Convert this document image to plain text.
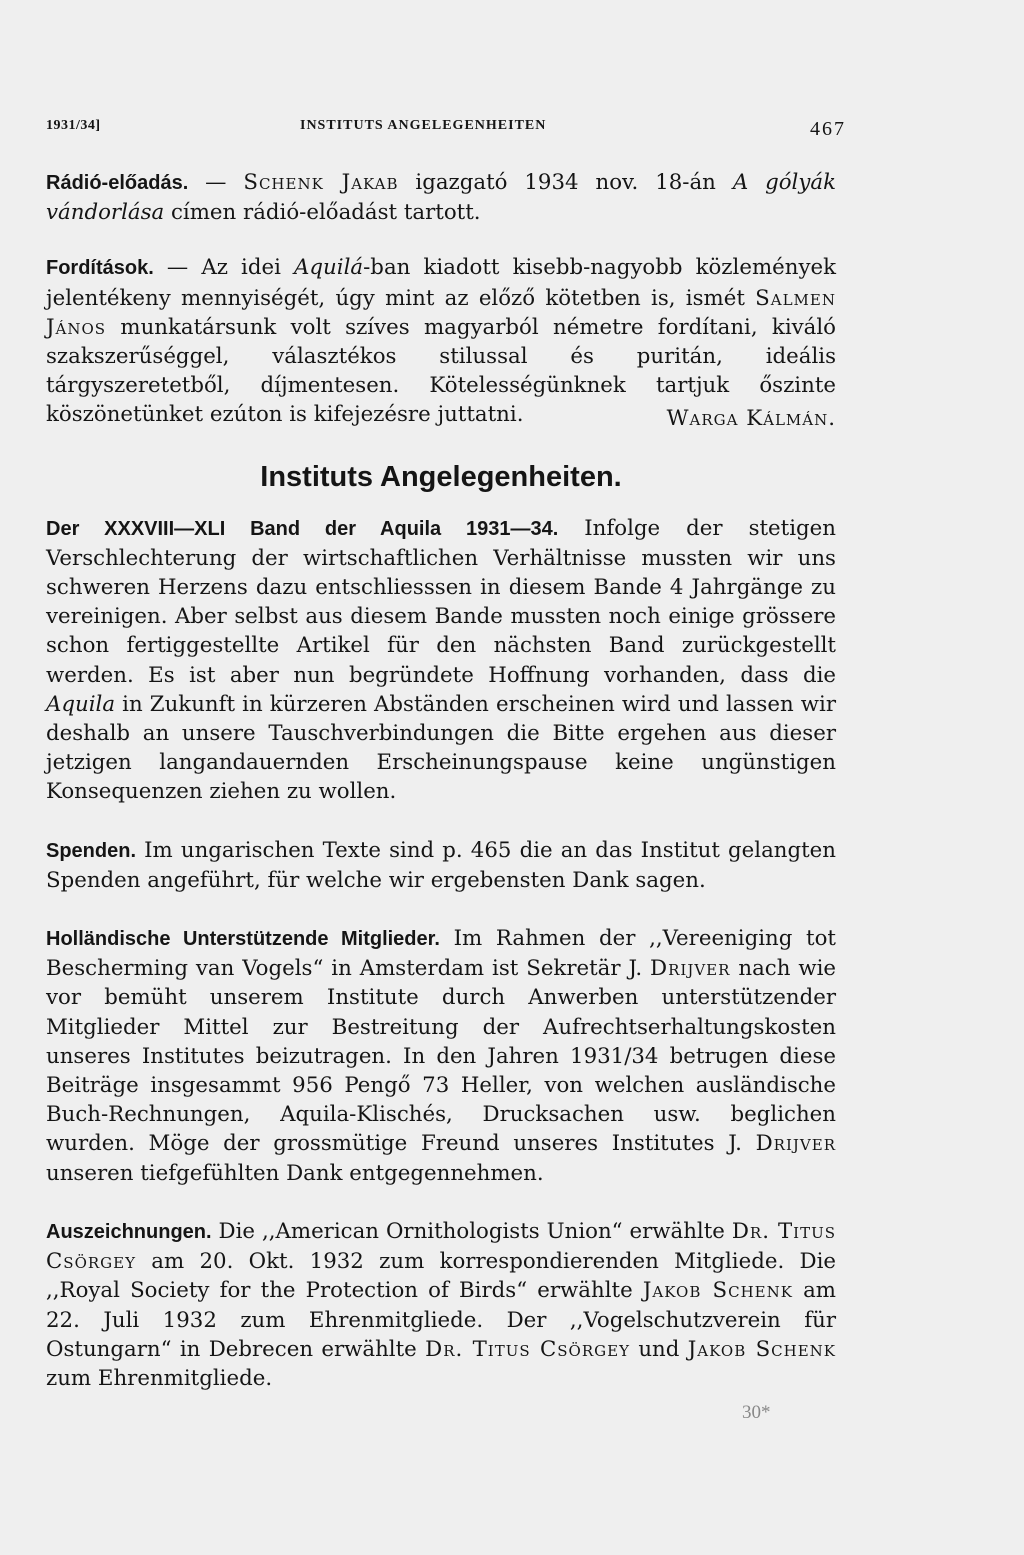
1931/34]	INSTITUTS ANGELEGENHEITEN	467

Rádió-előadás. — Schenk Jakab igazgató 1934 nov. 18-án A gólyák vándorlása címen rádió-előadást tartott.

Fordítások. — Az idei Aquilá-ban kiadott kisebb-nagyobb közlemények jelentékeny mennyiségét, úgy mint az előző kötetben is, ismét Salmen János munkatársunk volt szíves magyarból németre fordítani, kiváló szakszerűséggel, választékos stilussal és puritán, ideális tárgyszeretetből, díjmentesen. Kötelességünknek tartjuk őszinte köszönetünket ezúton is kifejezésre juttatni.	Warga Kálmán.

Instituts Angelegenheiten.

Der XXXVIII—XLI Band der Aquila 1931—34. Infolge der stetigen Verschlechterung der wirtschaftlichen Verhältnisse mussten wir uns schweren Herzens dazu entschliesssen in diesem Bande 4 Jahrgänge zu vereinigen. Aber selbst aus diesem Bande mussten noch einige grössere schon fertiggestellte Artikel für den nächsten Band zurückgestellt werden. Es ist aber nun begründete Hoffnung vorhanden, dass die Aquila in Zukunft in kürzeren Abständen erscheinen wird und lassen wir deshalb an unsere Tauschverbindungen die Bitte ergehen aus dieser jetzigen langandauernden Erscheinungspause keine ungünstigen Konsequenzen ziehen zu wollen.

Spenden. Im ungarischen Texte sind p. 465 die an das Institut gelangten Spenden angeführt, für welche wir ergebensten Dank sagen.

Holländische Unterstützende Mitglieder. Im Rahmen der ,,Vereeniging tot Bescherming van Vogels“ in Amsterdam ist Sekretär J. Drijver nach wie vor bemüht unserem Institute durch Anwerben unterstützender Mitglieder Mittel zur Bestreitung der Aufrechtserhaltungskosten unseres Institutes beizutragen. In den Jahren 1931/34 betrugen diese Beiträge insgesammt 956 Pengő 73 Heller, von welchen ausländische Buch-Rechnungen, Aquila-Klischés, Drucksachen usw. beglichen wurden. Möge der grossmütige Freund unseres Institutes J. Drijver unseren tiefgefühlten Dank entgegennehmen.

Auszeichnungen. Die ,,American Ornithologists Union“ erwählte Dr. Titus Csörgey am 20. Okt. 1932 zum korrespondierenden Mitgliede. Die ,,Royal Society for the Protection of Birds“ erwählte Jakob Schenk am 22. Juli 1932 zum Ehrenmitgliede. Der ,,Vogelschutzverein für Ostungarn“ in Debrecen erwählte Dr. Titus Csörgey und Jakob Schenk zum Ehrenmitgliede.

30*
